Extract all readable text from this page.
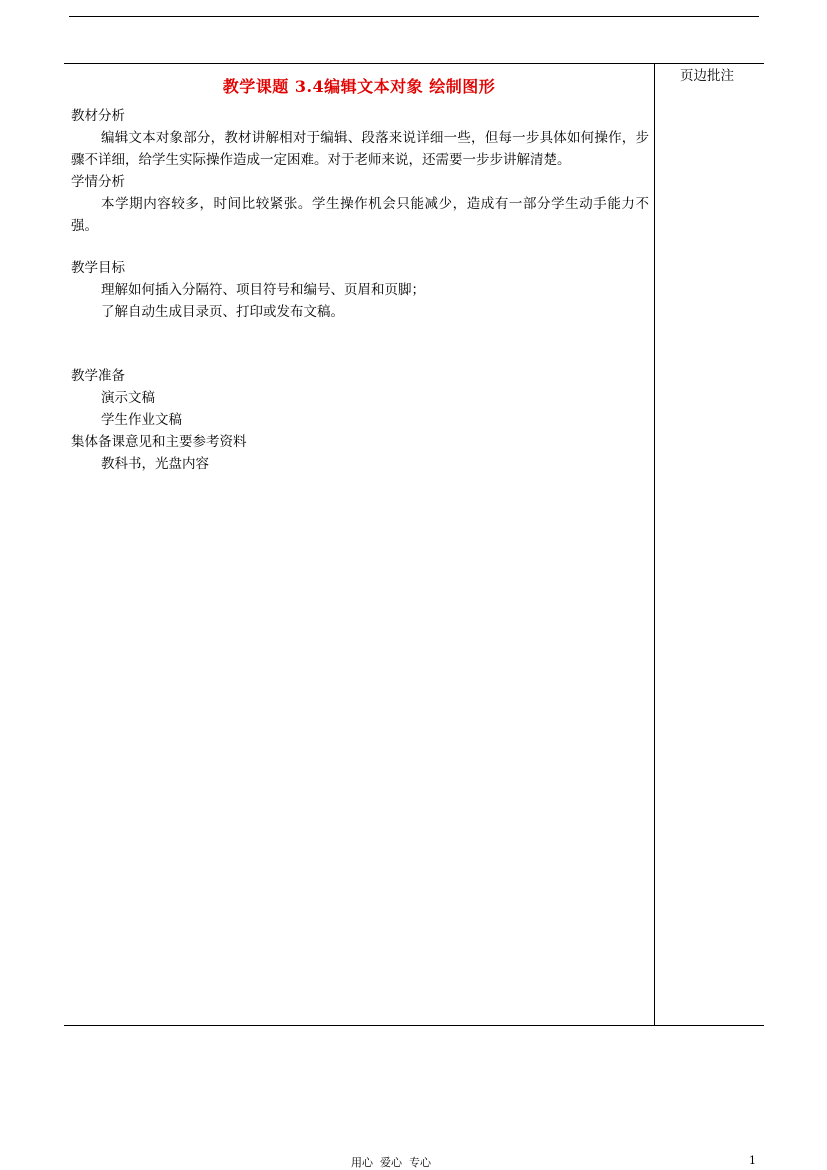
教学课题 3.4编辑文本对象 绘制图形
页边批注

教材分析

编辑文本对象部分，教材讲解相对于编辑、段落来说详细一些，但每一步具体如何操作，步骤不详细，给学生实际操作造成一定困难。对于老师来说，还需要一步步讲解清楚。

学情分析

本学期内容较多，时间比较紧张。学生操作机会只能减少，造成有一部分学生动手能力不强。

教学目标

理解如何插入分隔符、项目符号和编号、页眉和页脚；

了解自动生成目录页、打印或发布文稿。

教学准备

演示文稿

学生作业文稿

集体备课意见和主要参考资料

教科书，光盘内容

用心  爱心  专心	1
